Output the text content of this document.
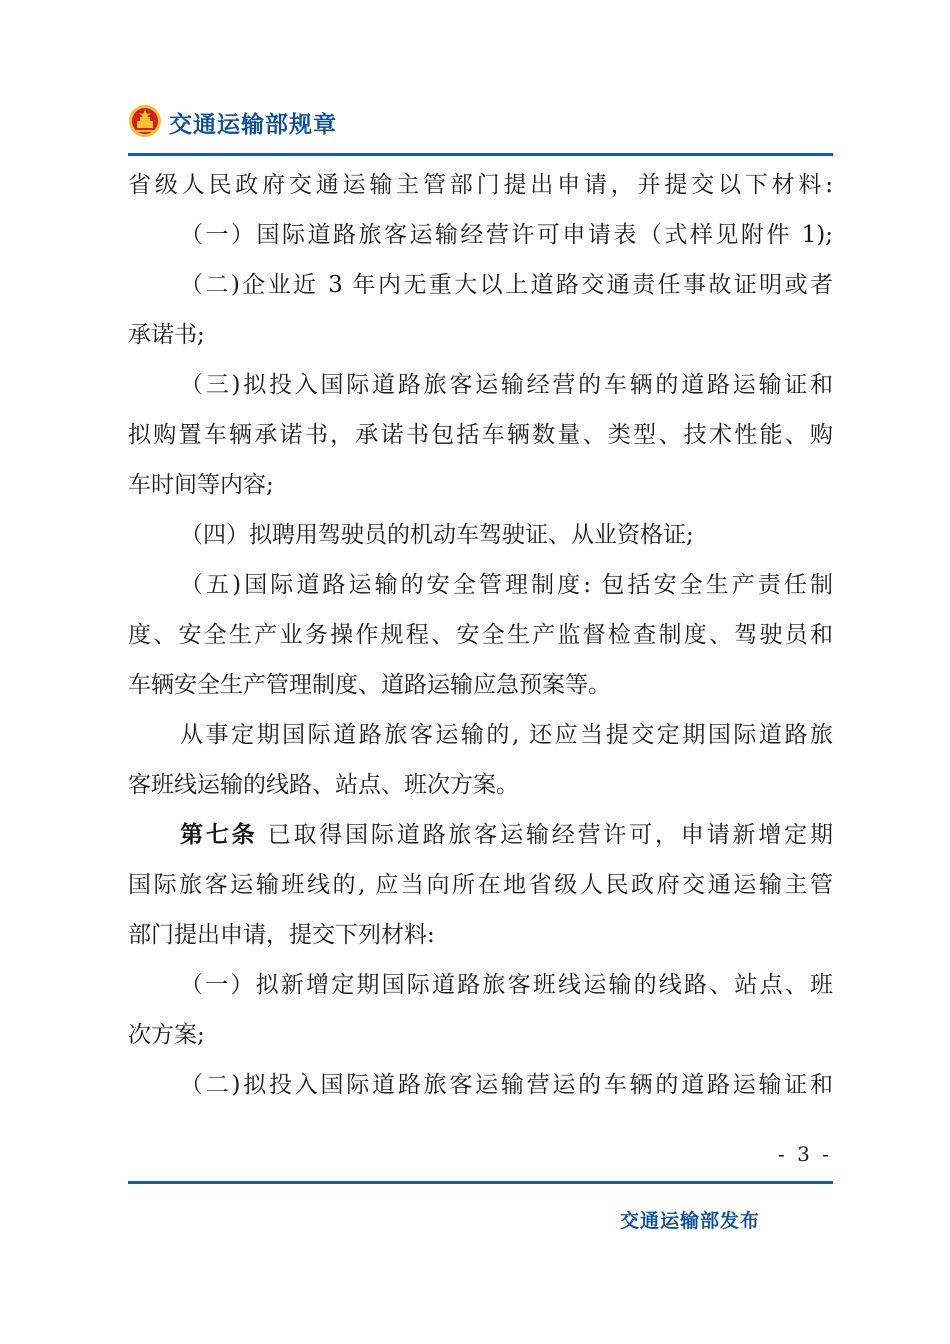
交通运输部规章
省级人民政府交通运输主管部门提出申请，并提交以下材料:
（一）国际道路旅客运输经营许可申请表（式样见附件 1);
（二)企业近 3 年内无重大以上道路交通责任事故证明或者
承诺书;
（三)拟投入国际道路旅客运输经营的车辆的道路运输证和
拟购置车辆承诺书，承诺书包括车辆数量、类型、技术性能、购
车时间等内容;
（四）拟聘用驾驶员的机动车驾驶证、从业资格证;
（五)国际道路运输的安全管理制度: 包括安全生产责任制
度、安全生产业务操作规程、安全生产监督检查制度、驾驶员和
车辆安全生产管理制度、道路运输应急预案等。
从事定期国际道路旅客运输的, 还应当提交定期国际道路旅
客班线运输的线路、站点、班次方案。
第七条 已取得国际道路旅客运输经营许可，申请新增定期
国际旅客运输班线的, 应当向所在地省级人民政府交通运输主管
部门提出申请，提交下列材料:
（一）拟新增定期国际道路旅客班线运输的线路、站点、班
次方案;
（二)拟投入国际道路旅客运输营运的车辆的道路运输证和
- 3 -
交通运输部发布
